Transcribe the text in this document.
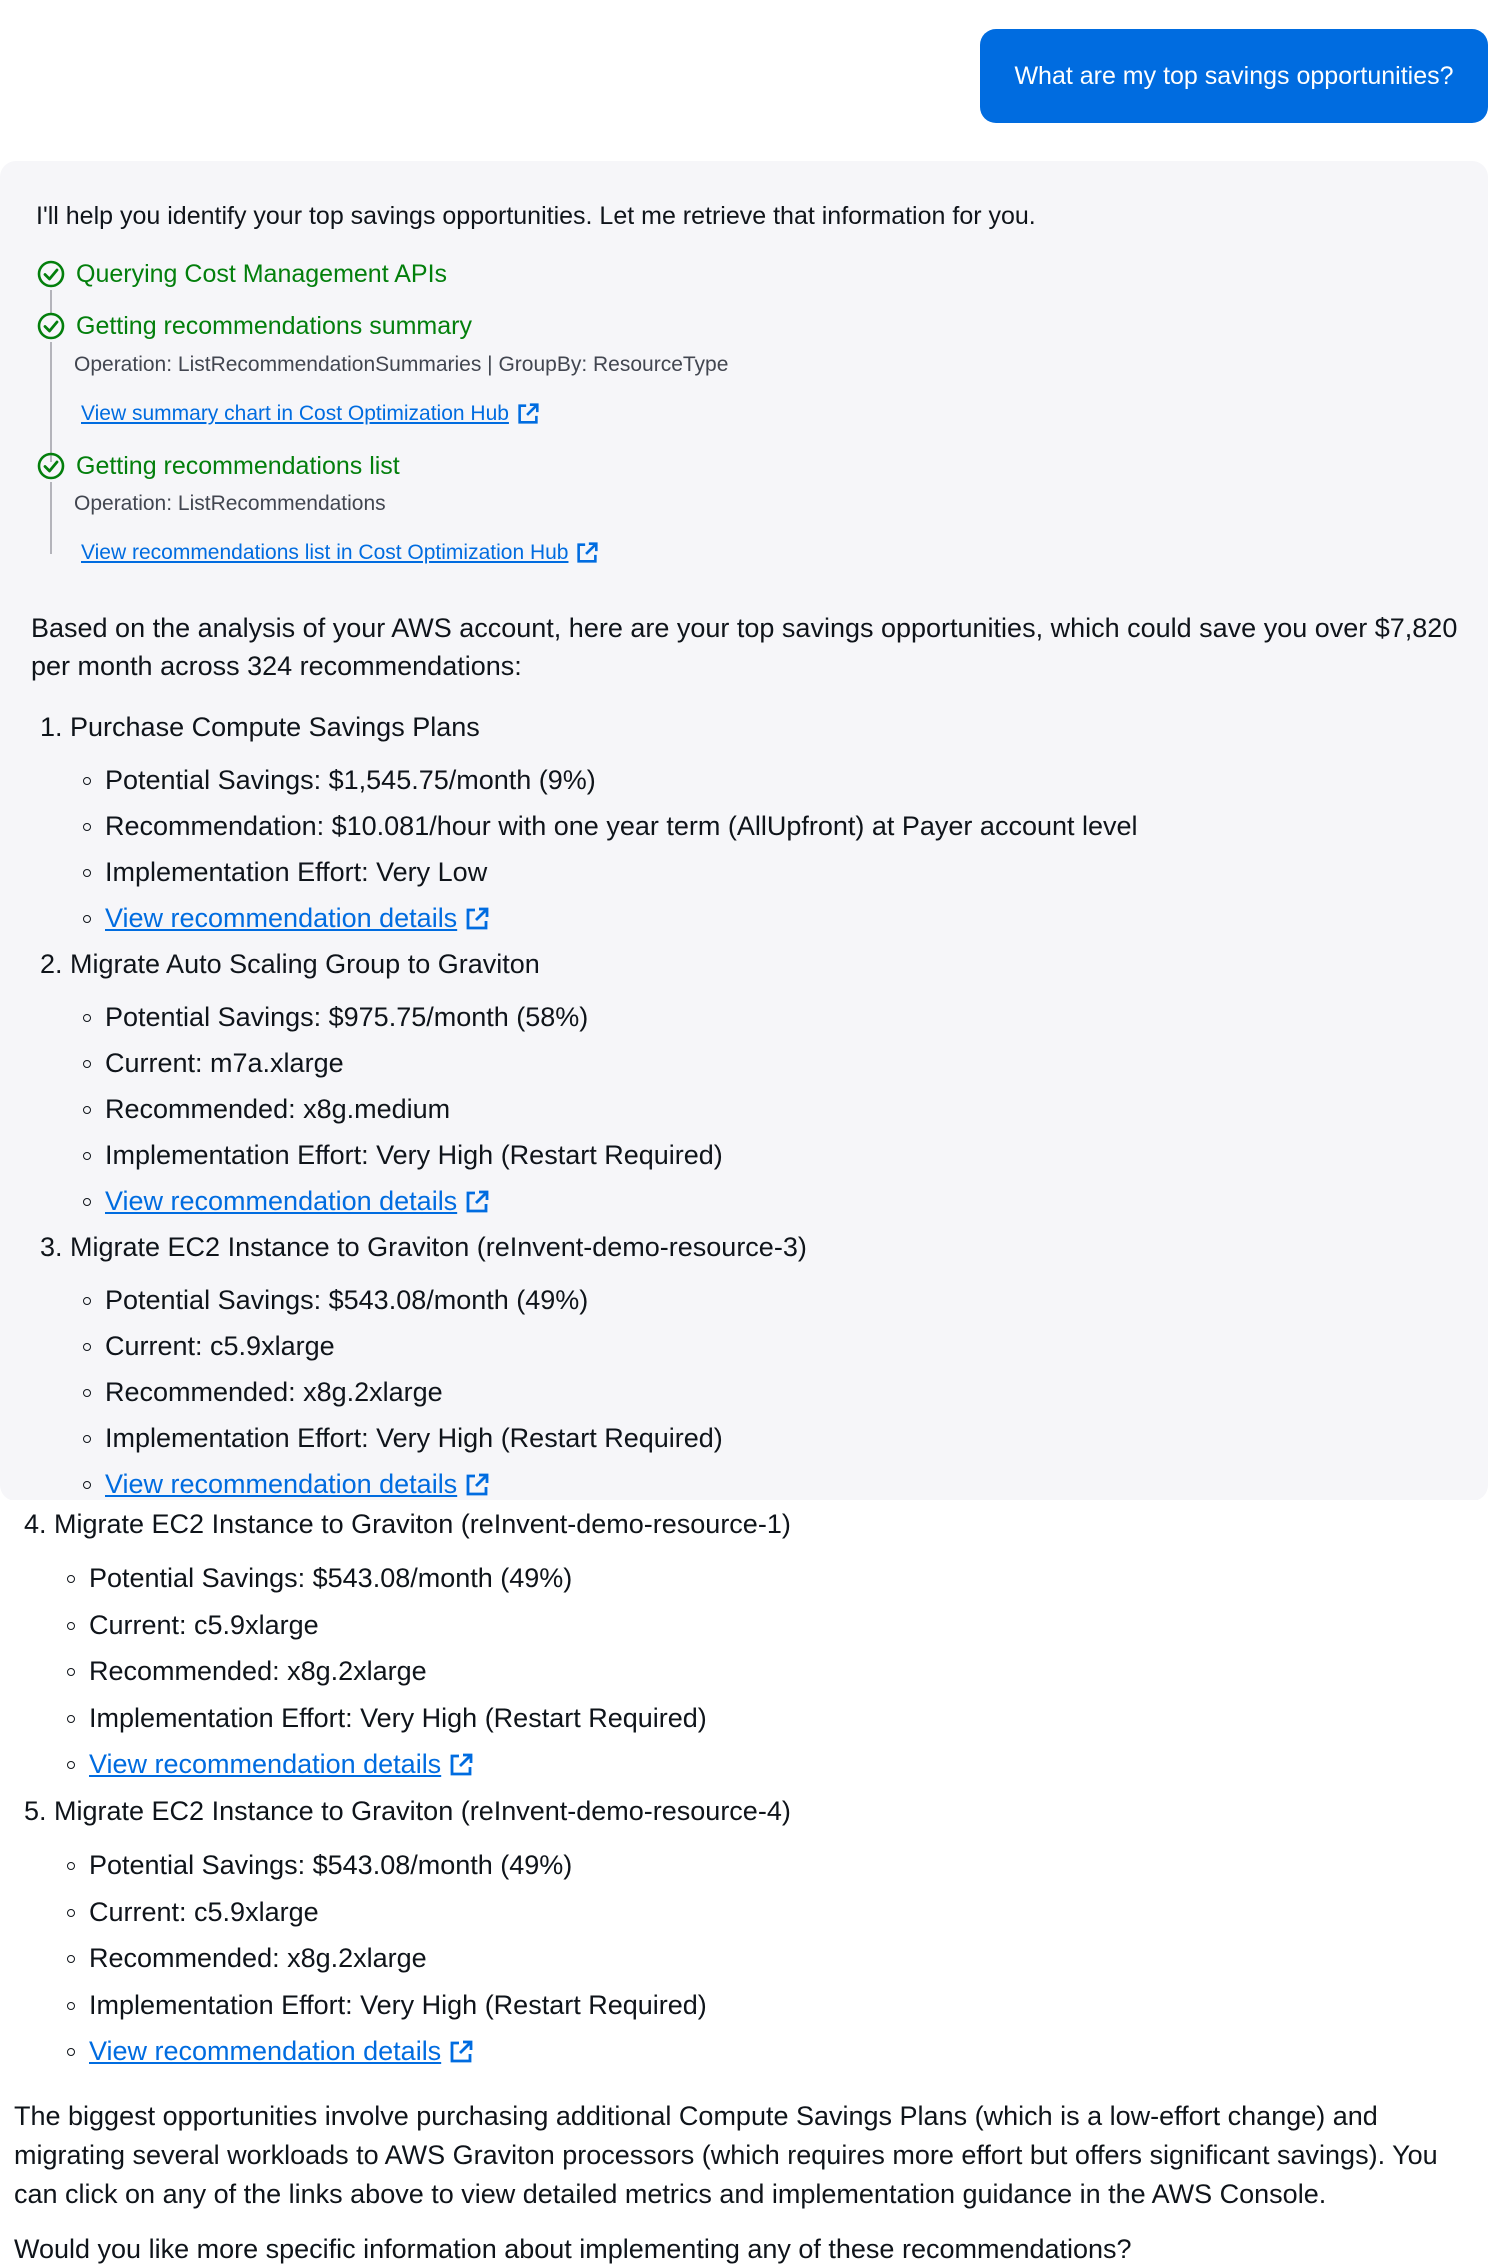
What are my top savings opportunities?
I'll help you identify your top savings opportunities. Let me retrieve that information for you.
Querying Cost Management APIs
Getting recommendations summary
Operation: ListRecommendationSummaries | GroupBy: ResourceType
View summary chart in Cost Optimization Hub
Getting recommendations list
Operation: ListRecommendations
View recommendations list in Cost Optimization Hub
Based on the analysis of your AWS account, here are your top savings opportunities, which could save you over $7,820
per month across 324 recommendations:
1. Purchase Compute Savings Plans
Potential Savings: $1,545.75/month (9%)
Recommendation: $10.081/hour with one year term (AllUpfront) at Payer account level
Implementation Effort: Very Low
View recommendation details
2. Migrate Auto Scaling Group to Graviton
Potential Savings: $975.75/month (58%)
Current: m7a.xlarge
Recommended: x8g.medium
Implementation Effort: Very High (Restart Required)
View recommendation details
3. Migrate EC2 Instance to Graviton (reInvent-demo-resource-3)
Potential Savings: $543.08/month (49%)
Current: c5.9xlarge
Recommended: x8g.2xlarge
Implementation Effort: Very High (Restart Required)
View recommendation details
4. Migrate EC2 Instance to Graviton (reInvent-demo-resource-1)
Potential Savings: $543.08/month (49%)
Current: c5.9xlarge
Recommended: x8g.2xlarge
Implementation Effort: Very High (Restart Required)
View recommendation details
5. Migrate EC2 Instance to Graviton (reInvent-demo-resource-4)
Potential Savings: $543.08/month (49%)
Current: c5.9xlarge
Recommended: x8g.2xlarge
Implementation Effort: Very High (Restart Required)
View recommendation details
The biggest opportunities involve purchasing additional Compute Savings Plans (which is a low-effort change) and
migrating several workloads to AWS Graviton processors (which requires more effort but offers significant savings). You
can click on any of the links above to view detailed metrics and implementation guidance in the AWS Console.
Would you like more specific information about implementing any of these recommendations?
